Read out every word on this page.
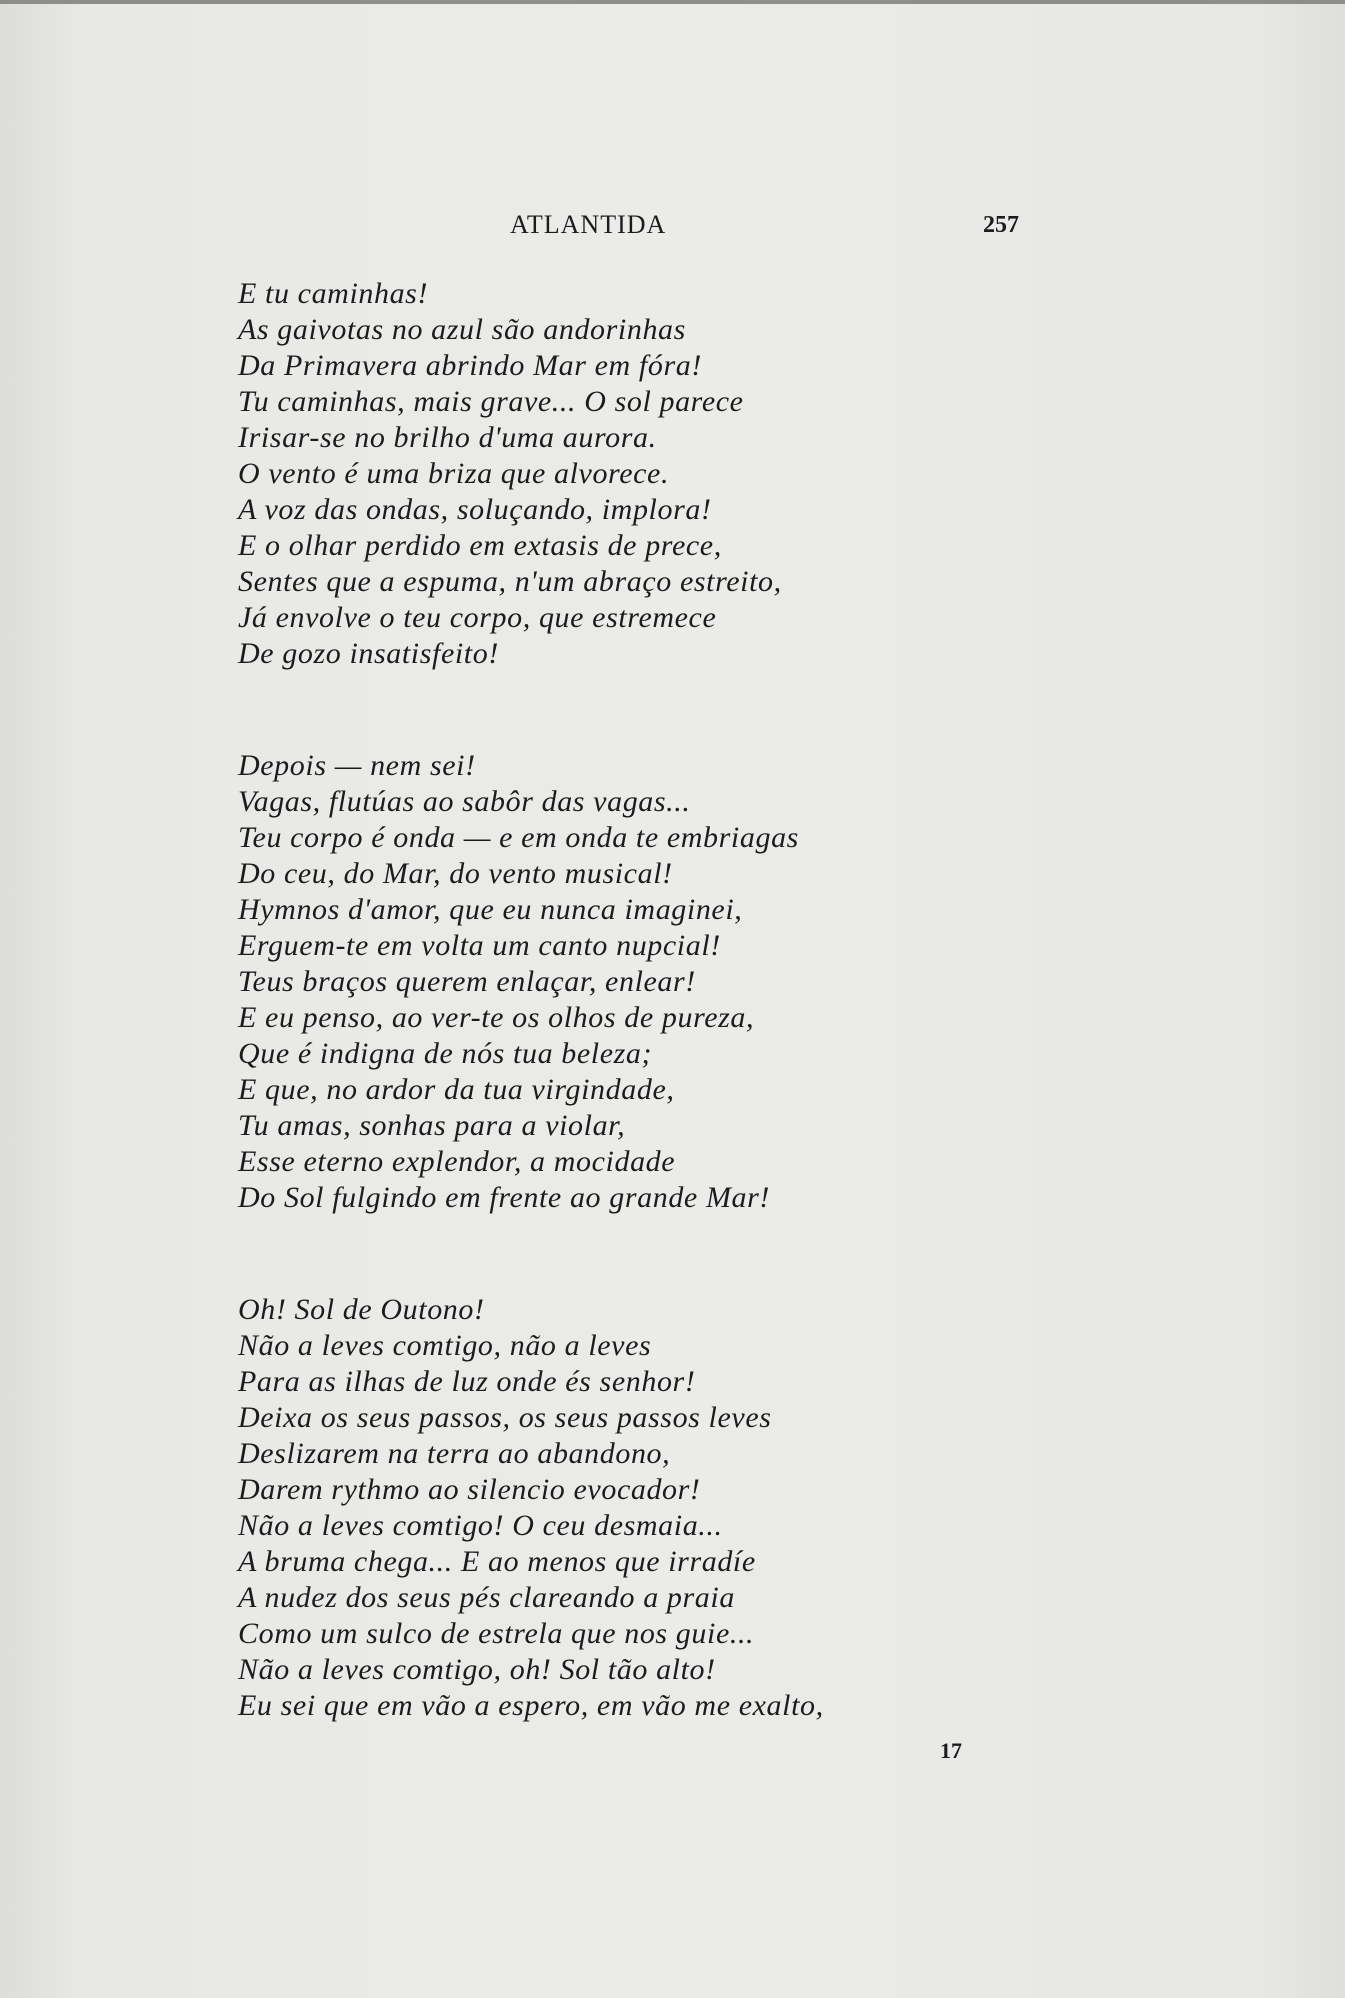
ATLANTIDA	257
E tu caminhas!
As gaivotas no azul são andorinhas
Da Primavera abrindo Mar em fóra!
Tu caminhas, mais grave... O sol parece
Irisar-se no brilho d'uma aurora.
O vento é uma briza que alvorece.
A voz das ondas, soluçando, implora!
E o olhar perdido em extasis de prece,
Sentes que a espuma, n'um abraço estreito,
Já envolve o teu corpo, que estremece
De gozo insatisfeito!
Depois — nem sei!
Vagas, flutúas ao sabôr das vagas...
Teu corpo é onda — e em onda te embriagas
Do ceu, do Mar, do vento musical!
Hymnos d'amor, que eu nunca imaginei,
Erguem-te em volta um canto nupcial!
Teus braços querem enlaçar, enlear!
E eu penso, ao ver-te os olhos de pureza,
Que é indigna de nós tua beleza;
E que, no ardor da tua virgindade,
Tu amas, sonhas para a violar,
Esse eterno explendor, a mocidade
Do Sol fulgindo em frente ao grande Mar!
Oh! Sol de Outono!
Não a leves comtigo, não a leves
Para as ilhas de luz onde és senhor!
Deixa os seus passos, os seus passos leves
Deslizarem na terra ao abandono,
Darem rythmo ao silencio evocador!
Não a leves comtigo! O ceu desmaia...
A bruma chega... E ao menos que irradíe
A nudez dos seus pés clareando a praia
Como um sulco de estrela que nos guie...
Não a leves comtigo, oh! Sol tão alto!
Eu sei que em vão a espero, em vão me exalto,
17
